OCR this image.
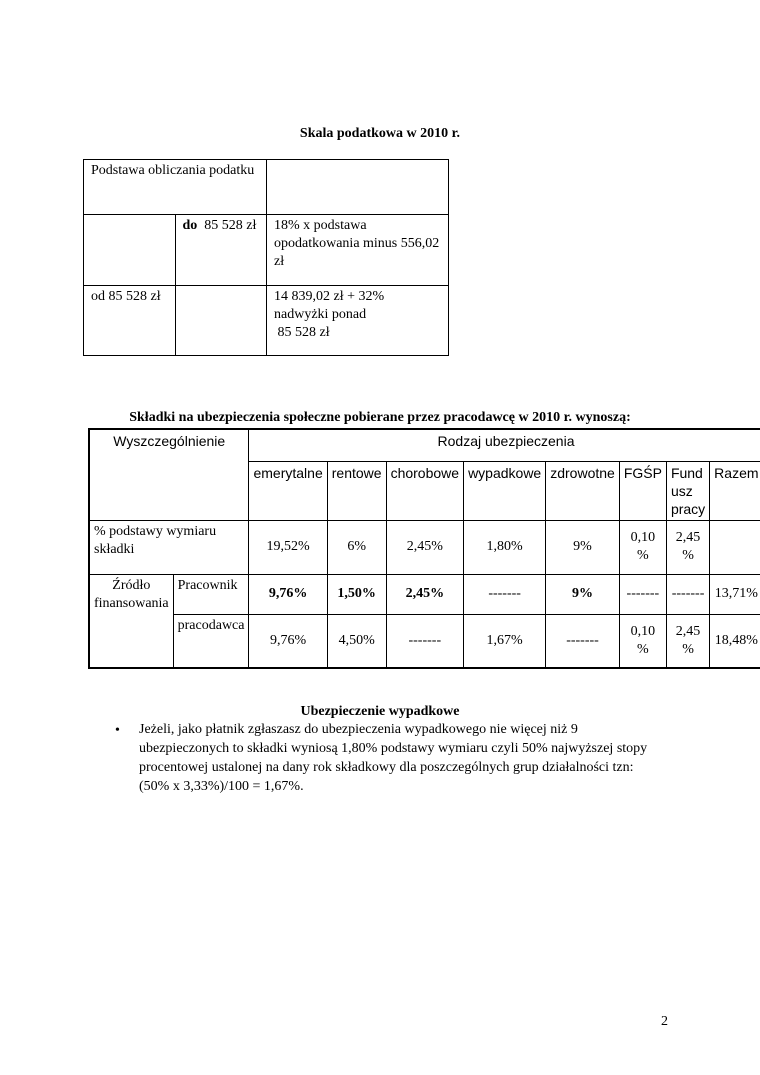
Skala podatkowa w 2010 r.
Podstawa obliczania podatku		
	do 85 528 zł	18% x podstawa opodatkowania minus 556,02 zł
od 85 528 zł		14 839,02 zł + 32% nadwyżki ponad
85 528 zł
Składki na ubezpieczenia społeczne pobierane przez pracodawcę w 2010 r. wynoszą:
Wyszczególnienie		Rodzaj ubezpieczenia							
		emerytalne	rentowe	chorobowe	wypadkowe	zdrowotne	FGŚP	Fund usz pracy	Razem
% podstawy wymiaru składki		19,52%	6%	2,45%	1,80%	9%	0,10 %	2,45 %	
Źródło finansowania	Pracownik	9,76%	1,50%	2,45%	-------	9%	-------	-------	13,71%
	pracodawca	9,76%	4,50%	-------	1,67%	-------	0,10 %	2,45 %	18,48%
Ubezpieczenie wypadkowe
• Jeżeli, jako płatnik zgłaszasz do ubezpieczenia wypadkowego nie więcej niż 9 ubezpieczonych to składki wyniosą 1,80% podstawy wymiaru czyli 50% najwyższej stopy procentowej ustalonej na dany rok składkowy dla poszczególnych grup działalności tzn:
(50% x 3,33%)/100 = 1,67%.
2
